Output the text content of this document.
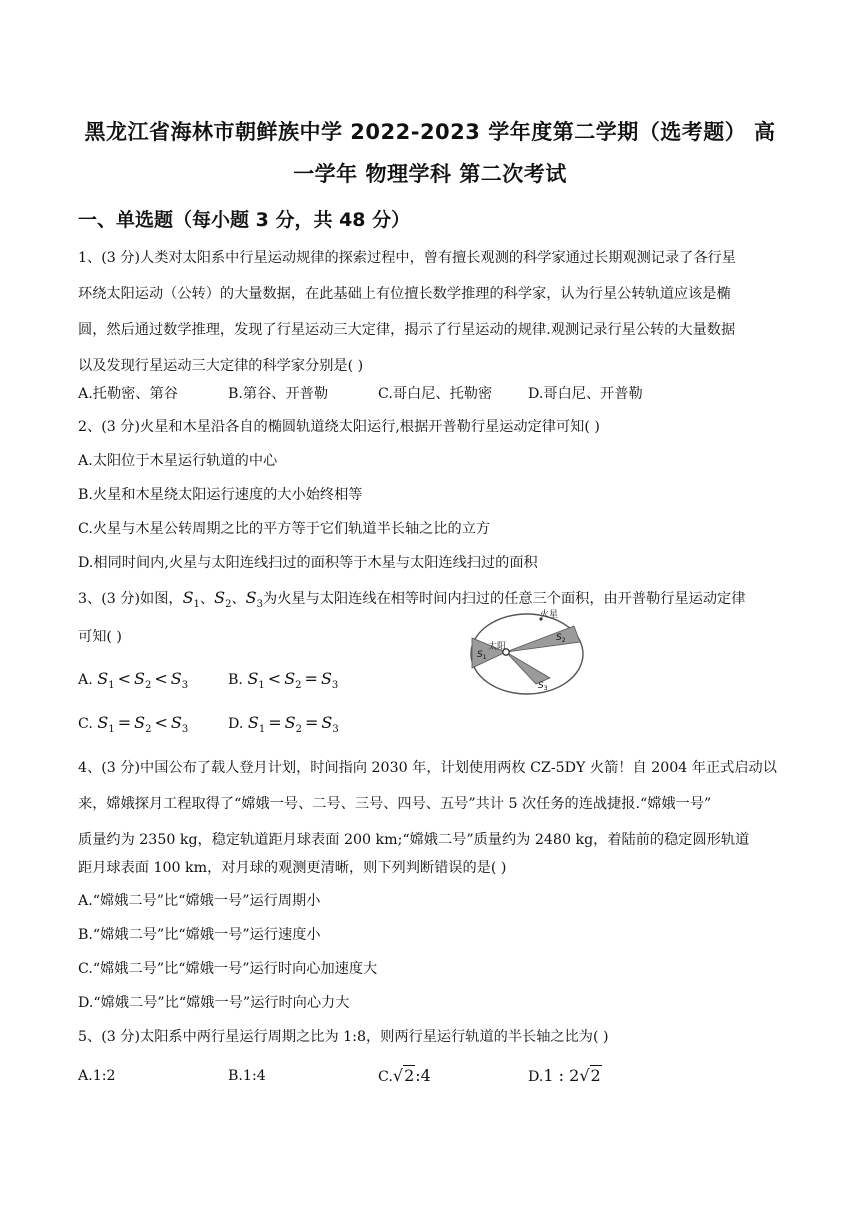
黑龙江省海林市朝鲜族中学 2022-2023 学年度第二学期（选考题） 高
一学年 物理学科 第二次考试
一、单选题（每小题 3 分，共 48 分）
1、(3 分)人类对太阳系中行星运动规律的探索过程中，曾有擅长观测的科学家通过长期观测记录了各行星
环绕太阳运动（公转）的大量数据，在此基础上有位擅长数学推理的科学家，认为行星公转轨道应该是椭
圆，然后通过数学推理，发现了行星运动三大定律，揭示了行星运动的规律.观测记录行星公转的大量数据
以及发现行星运动三大定律的科学家分别是( )
A.托勒密、第谷	B.第谷、开普勒	C.哥白尼、托勒密	D.哥白尼、开普勒
2、(3 分)火星和木星沿各自的椭圆轨道绕太阳运行,根据开普勒行星运动定律可知( )
A.太阳位于木星运行轨道的中心
B.火星和木星绕太阳运行速度的大小始终相等
C.火星与木星公转周期之比的平方等于它们轨道半长轴之比的立方
D.相同时间内,火星与太阳连线扫过的面积等于木星与太阳连线扫过的面积
3、(3 分)如图，$S_1$、$S_2$、$S_3$为火星与太阳连线在相等时间内扫过的任意三个面积，由开普勒行星运动定律
可知( )
A. $S_1 < S_2 < S_3$	B. $S_1 < S_2 = S_3$
C. $S_1 = S_2 < S_3$	D. $S_1 = S_2 = S_3$
太阳
火星
$S_1$
$S_2$
$S_3$
4、(3 分)中国公布了载人登月计划，时间指向 2030 年，计划使用两枚 CZ-5DY 火箭！自 2004 年正式启动以
来，嫦娥探月工程取得了“嫦娥一号、二号、三号、四号、五号”共计 5 次任务的连战捷报.“嫦娥一号”
质量约为 2350 kg，稳定轨道距月球表面 200 km;“嫦娥二号”质量约为 2480 kg，着陆前的稳定圆形轨道
距月球表面 100 km，对月球的观测更清晰，则下列判断错误的是( )
A.“嫦娥二号”比“嫦娥一号”运行周期小
B.“嫦娥二号”比“嫦娥一号”运行速度小
C.“嫦娥二号”比“嫦娥一号”运行时向心加速度大
D.“嫦娥二号”比“嫦娥一号”运行时向心力大
5、(3 分)太阳系中两行星运行周期之比为 1:8，则两行星运行轨道的半长轴之比为( )
A.1:2	B.1:4	C.√2:4	D.1 : 2√2
